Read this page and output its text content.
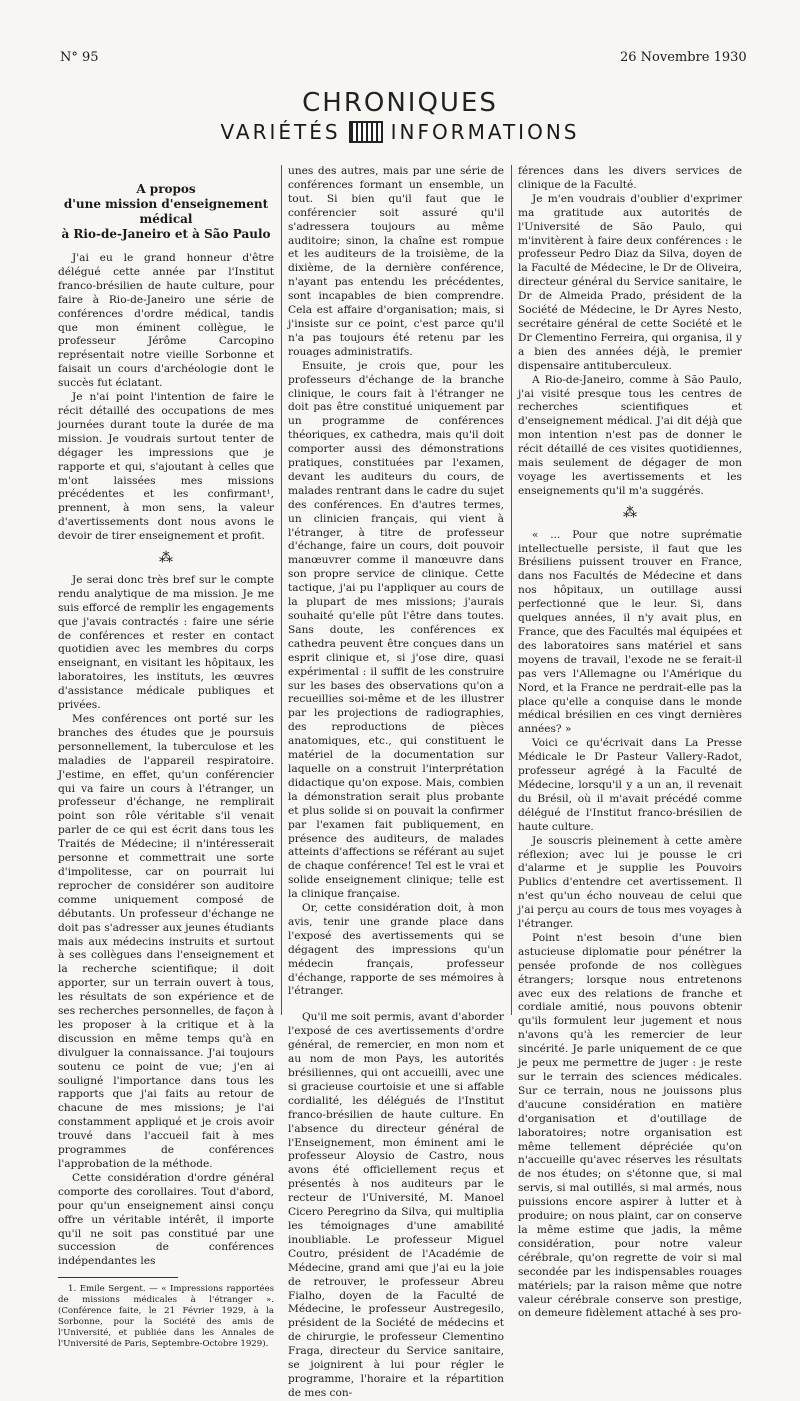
N° 95	26 Novembre 1930
CHRONIQUES
VARIÉTÉS	INFORMATIONS
A propos
d'une mission d'enseignement médical
à Rio-de-Janeiro et à São Paulo

J'ai eu le grand honneur d'être délégué cette année par l'Institut franco-brésilien de haute culture, pour faire à Rio-de-Janeiro une série de conférences d'ordre médical, tandis que mon éminent collègue, le professeur Jérôme Carcopino représentait notre vieille Sorbonne et faisait un cours d'archéologie dont le succès fut éclatant.

Je n'ai point l'intention de faire le récit détaillé des occupations de mes journées durant toute la durée de ma mission. Je voudrais surtout tenter de dégager les impressions que je rapporte et qui, s'ajoutant à celles que m'ont laissées mes missions précédentes et les confirmant¹, prennent, à mon sens, la valeur d'avertissements dont nous avons le devoir de tirer enseignement et profit.

⁂

Je serai donc très bref sur le compte rendu analytique de ma mission. Je me suis efforcé de remplir les engagements que j'avais contractés : faire une série de conférences et rester en contact quotidien avec les membres du corps enseignant, en visitant les hôpitaux, les laboratoires, les instituts, les œuvres d'assistance médicale publiques et privées.

Mes conférences ont porté sur les branches des études que je poursuis personnellement, la tuberculose et les maladies de l'appareil respiratoire. J'estime, en effet, qu'un conférencier qui va faire un cours à l'étranger, un professeur d'échange, ne remplirait point son rôle véritable s'il venait parler de ce qui est écrit dans tous les Traités de Médecine; il n'intéresserait personne et commettrait une sorte d'impolitesse, car on pourrait lui reprocher de considérer son auditoire comme uniquement composé de débutants. Un professeur d'échange ne doit pas s'adresser aux jeunes étudiants mais aux médecins instruits et surtout à ses collègues dans l'enseignement et la recherche scientifique; il doit apporter, sur un terrain ouvert à tous, les résultats de son expérience et de ses recherches personnelles, de façon à les proposer à la critique et à la discussion en même temps qu'à en divulguer la connaissance. J'ai toujours soutenu ce point de vue; j'en ai souligné l'importance dans tous les rapports que j'ai faits au retour de chacune de mes missions; je l'ai constamment appliqué et je crois avoir trouvé dans l'accueil fait à mes programmes de conférences l'approbation de la méthode.

Cette considération d'ordre général comporte des corollaires. Tout d'abord, pour qu'un enseignement ainsi conçu offre un véritable intérêt, il importe qu'il ne soit pas constitué par une succession de conférences indépendantes les

1. Emile Sergent. — « Impressions rapportées de missions médicales à l'étranger ». (Conférence faite, le 21 Février 1929, à la Sorbonne, pour la Société des amis de l'Université, et publiée dans les Annales de l'Université de Paris, Septembre-Octobre 1929).

unes des autres, mais par une série de conférences formant un ensemble, un tout. Si bien qu'il faut que le conférencier soit assuré qu'il s'adressera toujours au même auditoire; sinon, la chaîne est rompue et les auditeurs de la troisième, de la dixième, de la dernière conférence, n'ayant pas entendu les précédentes, sont incapables de bien comprendre. Cela est affaire d'organisation; mais, si j'insiste sur ce point, c'est parce qu'il n'a pas toujours été retenu par les rouages administratifs.

Ensuite, je crois que, pour les professeurs d'échange de la branche clinique, le cours fait à l'étranger ne doit pas être constitué uniquement par un programme de conférences théoriques, ex cathedra, mais qu'il doit comporter aussi des démonstrations pratiques, constituées par l'examen, devant les auditeurs du cours, de malades rentrant dans le cadre du sujet des conférences. En d'autres termes, un clinicien français, qui vient à l'étranger, à titre de professeur d'échange, faire un cours, doit pouvoir manœuvrer comme il manœuvre dans son propre service de clinique. Cette tactique, j'ai pu l'appliquer au cours de la plupart de mes missions; j'aurais souhaité qu'elle pût l'être dans toutes. Sans doute, les conférences ex cathedra peuvent être conçues dans un esprit clinique et, si j'ose dire, quasi expérimental : il suffit de les construire sur les bases des observations qu'on a recueillies soi-même et de les illustrer par les projections de radiographies, des reproductions de pièces anatomiques, etc., qui constituent le matériel de la documentation sur laquelle on a construit l'interprétation didactique qu'on expose. Mais, combien la démonstration serait plus probante et plus solide si on pouvait la confirmer par l'examen fait publiquement, en présence des auditeurs, de malades atteints d'affections se référant au sujet de chaque conférence! Tel est le vrai et solide enseignement clinique; telle est la clinique française.

Or, cette considération doit, à mon avis, tenir une grande place dans l'exposé des avertissements qui se dégagent des impressions qu'un médecin français, professeur d'échange, rapporte de ses mémoires à l'étranger.

Qu'il me soit permis, avant d'aborder l'exposé de ces avertissements d'ordre général, de remercier, en mon nom et au nom de mon Pays, les autorités brésiliennes, qui ont accueilli, avec une si gracieuse courtoisie et une si affable cordialité, les délégués de l'Institut franco-brésilien de haute culture. En l'absence du directeur général de l'Enseignement, mon éminent ami le professeur Aloysio de Castro, nous avons été officiellement reçus et présentés à nos auditeurs par le recteur de l'Université, M. Manoel Cicero Peregrino da Silva, qui multiplia les témoignages d'une amabilité inoubliable. Le professeur Miguel Coutro, président de l'Académie de Médecine, grand ami que j'ai eu la joie de retrouver, le professeur Abreu Fialho, doyen de la Faculté de Médecine, le professeur Austregesilo, président de la Société de médecins et de chirurgie, le professeur Clementino Fraga, directeur du Service sanitaire, se joignirent à lui pour régler le programme, l'horaire et la répartition de mes con-

férences dans les divers services de clinique de la Faculté.

Je m'en voudrais d'oublier d'exprimer ma gratitude aux autorités de l'Université de São Paulo, qui m'invitèrent à faire deux conférences : le professeur Pedro Diaz da Silva, doyen de la Faculté de Médecine, le Dr de Oliveira, directeur général du Service sanitaire, le Dr de Almeida Prado, président de la Société de Médecine, le Dr Ayres Nesto, secrétaire général de cette Société et le Dr Clementino Ferreira, qui organisa, il y a bien des années déjà, le premier dispensaire antituberculeux.

A Rio-de-Janeiro, comme à São Paulo, j'ai visité presque tous les centres de recherches scientifiques et d'enseignement médical. J'ai dit déjà que mon intention n'est pas de donner le récit détaillé de ces visites quotidiennes, mais seulement de dégager de mon voyage les avertissements et les enseignements qu'il m'a suggérés.

⁂

« ... Pour que notre suprématie intellectuelle persiste, il faut que les Brésiliens puissent trouver en France, dans nos Facultés de Médecine et dans nos hôpitaux, un outillage aussi perfectionné que le leur. Si, dans quelques années, il n'y avait plus, en France, que des Facultés mal équipées et des laboratoires sans matériel et sans moyens de travail, l'exode ne se ferait-il pas vers l'Allemagne ou l'Amérique du Nord, et la France ne perdrait-elle pas la place qu'elle a conquise dans le monde médical brésilien en ces vingt dernières années? »

Voici ce qu'écrivait dans La Presse Médicale le Dr Pasteur Vallery-Radot, professeur agrégé à la Faculté de Médecine, lorsqu'il y a un an, il revenait du Brésil, où il m'avait précédé comme délégué de l'Institut franco-brésilien de haute culture.

Je souscris pleinement à cette amère réflexion; avec lui je pousse le cri d'alarme et je supplie les Pouvoirs Publics d'entendre cet avertissement. Il n'est qu'un écho nouveau de celui que j'ai perçu au cours de tous mes voyages à l'étranger.

Point n'est besoin d'une bien astucieuse diplomatie pour pénétrer la pensée profonde de nos collègues étrangers; lorsque nous entretenons avec eux des relations de franche et cordiale amitié, nous pouvons obtenir qu'ils formulent leur jugement et nous n'avons qu'à les remercier de leur sincérité. Je parle uniquement de ce que je peux me permettre de juger : je reste sur le terrain des sciences médicales. Sur ce terrain, nous ne jouissons plus d'aucune considération en matière d'organisation et d'outillage de laboratoires; notre organisation est même tellement dépréciée qu'on n'accueille qu'avec réserves les résultats de nos études; on s'étonne que, si mal servis, si mal outillés, si mal armés, nous puissions encore aspirer à lutter et à produire; on nous plaint, car on conserve la même estime que jadis, la même considération, pour notre valeur cérébrale, qu'on regrette de voir si mal secondée par les indispensables rouages matériels; par la raison même que notre valeur cérébrale conserve son prestige, on demeure fidèlement attaché à ses pro-
